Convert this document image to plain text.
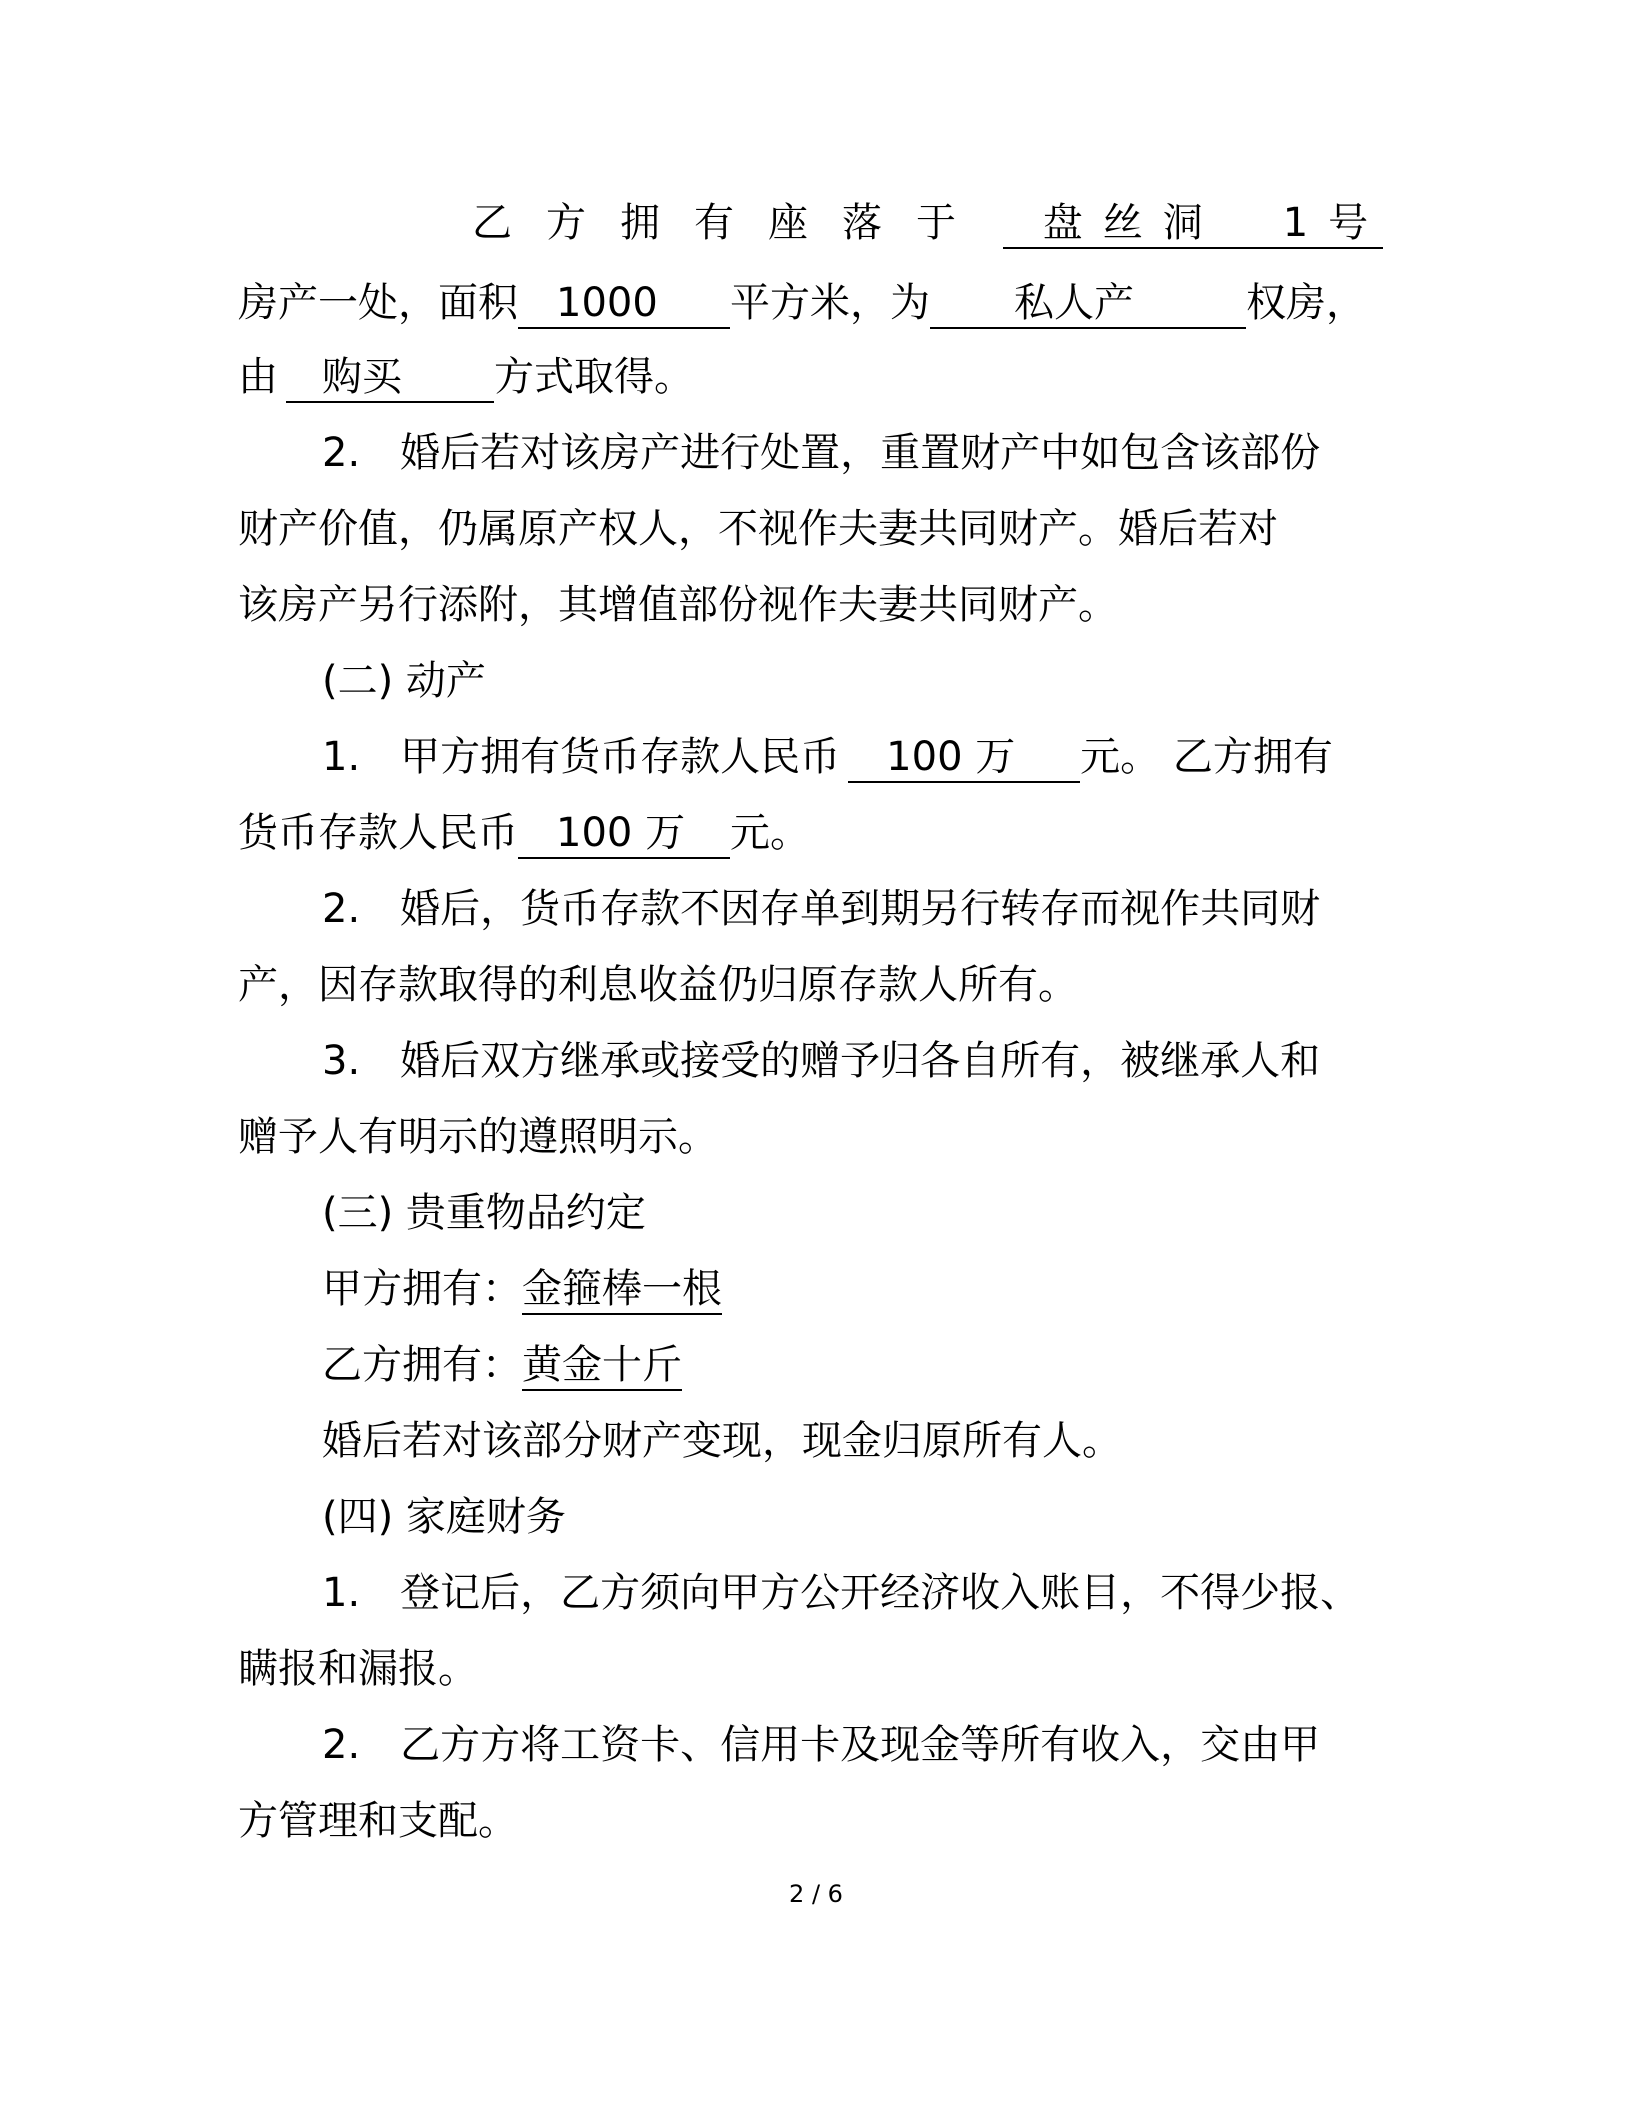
乙方拥有座落于 盘丝洞　1号
房产一处，面积 1000 平方米，为 私人产	权房，
由 购买 方式取得。
2.　婚后若对该房产进行处置，重置财产中如包含该部份
财产价值，仍属原产权人，不视作夫妻共同财产。婚后若对
该房产另行添附，其增值部份视作夫妻共同财产。
(二) 动产
1.　甲方拥有货币存款人民币 100 万 元。 乙方拥有
货币存款人民币 100 万 元。
2.　婚后，货币存款不因存单到期另行转存而视作共同财
产，因存款取得的利息收益仍归原存款人所有。
3.　婚后双方继承或接受的赠予归各自所有，被继承人和
赠予人有明示的遵照明示。
(三) 贵重物品约定
甲方拥有：金箍棒一根
乙方拥有：黄金十斤
婚后若对该部分财产变现，现金归原所有人。
(四) 家庭财务
1.　登记后，乙方须向甲方公开经济收入账目，不得少报、
瞒报和漏报。
2.　乙方方将工资卡、信用卡及现金等所有收入，交由甲
方管理和支配。
2 / 6
